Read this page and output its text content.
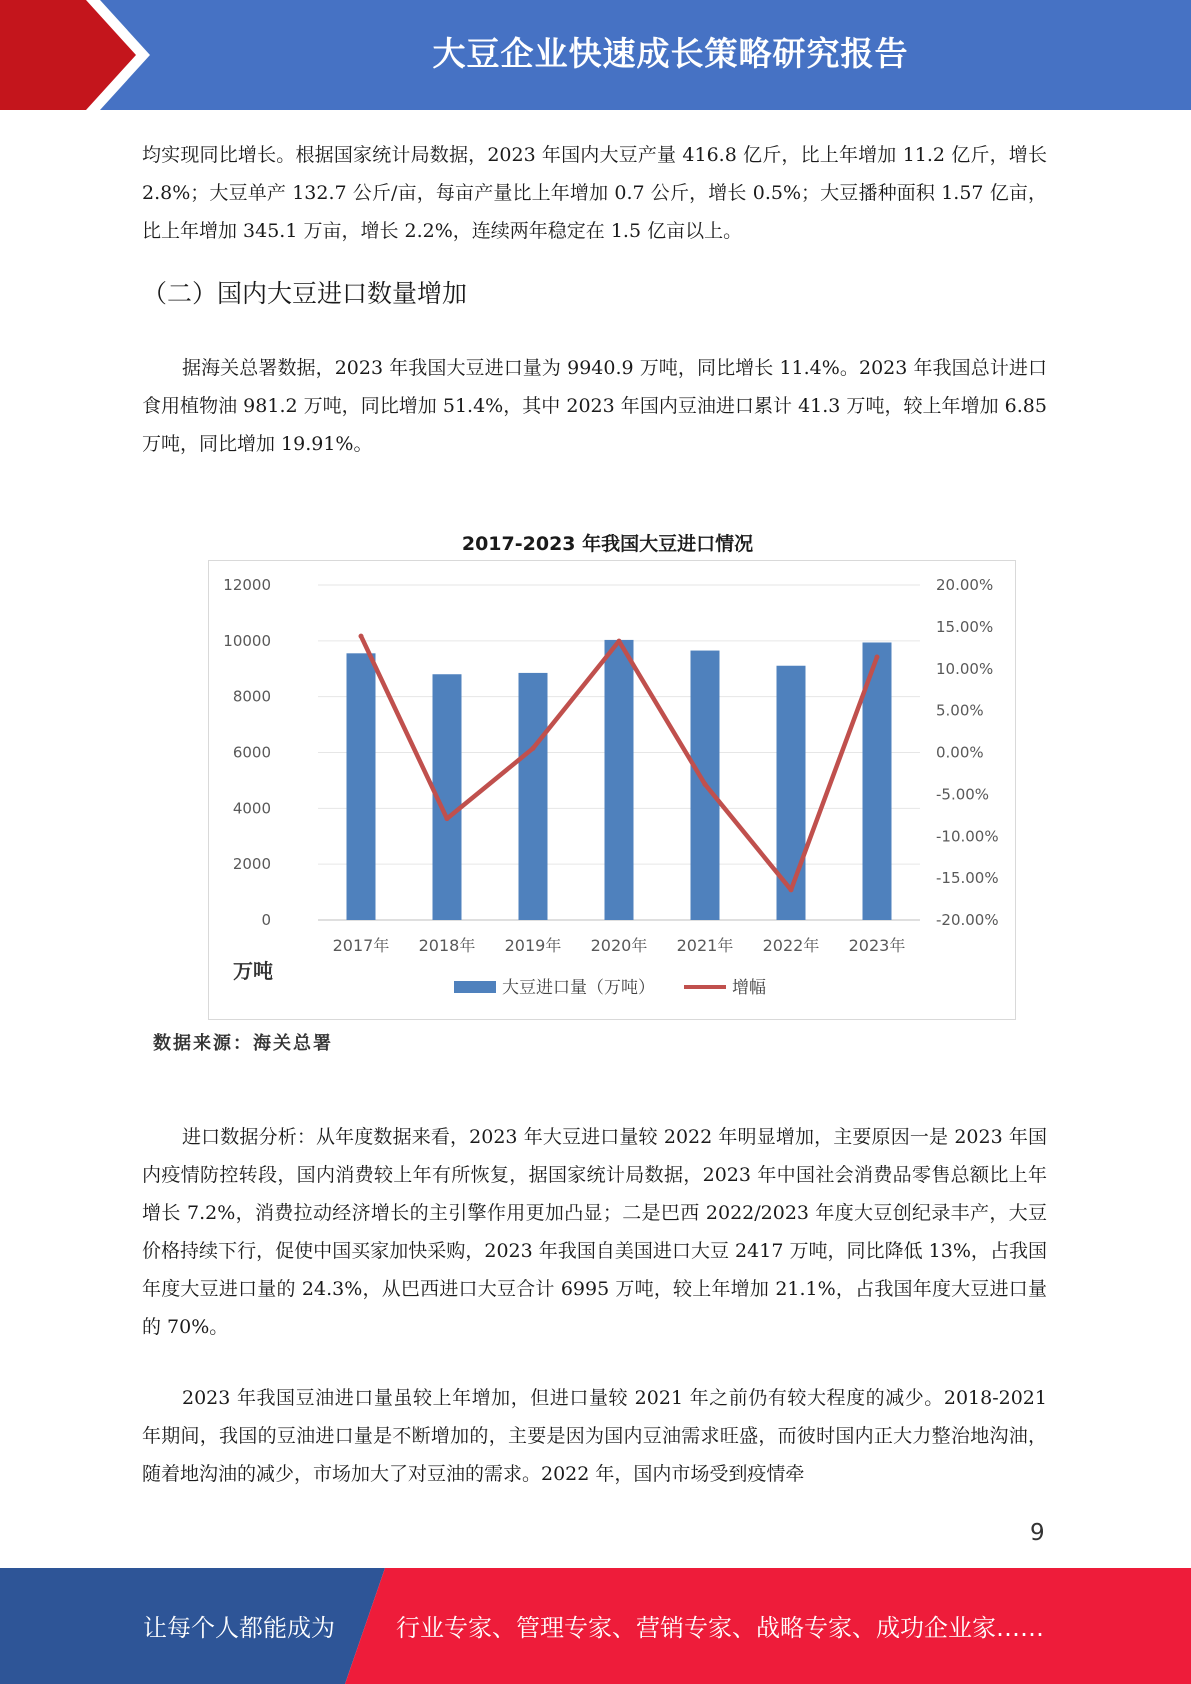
大豆企业快速成长策略研究报告

均实现同比增长。根据国家统计局数据，2023 年国内大豆产量 416.8 亿斤，比上年增加 11.2 亿斤，增长 2.8%；大豆单产 132.7 公斤/亩，每亩产量比上年增加 0.7 公斤，增长 0.5%；大豆播种面积 1.57 亿亩，比上年增加 345.1 万亩，增长 2.2%，连续两年稳定在 1.5 亿亩以上。

（二）国内大豆进口数量增加

据海关总署数据，2023 年我国大豆进口量为 9940.9 万吨，同比增长 11.4%。2023 年我国总计进口食用植物油 981.2 万吨，同比增加 51.4%，其中 2023 年国内豆油进口累计 41.3 万吨，较上年增加 6.85 万吨，同比增加 19.91%。

2017-2023 年我国大豆进口情况
12000
10000
8000
6000
4000
2000
0
20.00%
15.00%
10.00%
5.00%
0.00%
-5.00%
-10.00%
-15.00%
-20.00%
2017年 2018年 2019年 2020年 2021年 2022年 2023年
万吨
大豆进口量（万吨）	增幅
数据来源：海关总署

进口数据分析：从年度数据来看，2023 年大豆进口量较 2022 年明显增加，主要原因一是 2023 年国内疫情防控转段，国内消费较上年有所恢复，据国家统计局数据，2023 年中国社会消费品零售总额比上年增长 7.2%，消费拉动经济增长的主引擎作用更加凸显；二是巴西 2022/2023 年度大豆创纪录丰产，大豆价格持续下行，促使中国买家加快采购，2023 年我国自美国进口大豆 2417 万吨，同比降低 13%，占我国年度大豆进口量的 24.3%，从巴西进口大豆合计 6995 万吨，较上年增加 21.1%，占我国年度大豆进口量的 70%。

2023 年我国豆油进口量虽较上年增加，但进口量较 2021 年之前仍有较大程度的减少。2018-2021 年期间，我国的豆油进口量是不断增加的，主要是因为国内豆油需求旺盛，而彼时国内正大力整治地沟油，随着地沟油的减少，市场加大了对豆油的需求。2022 年，国内市场受到疫情牵

9
让每个人都能成为	行业专家、管理专家、营销专家、战略专家、成功企业家……
